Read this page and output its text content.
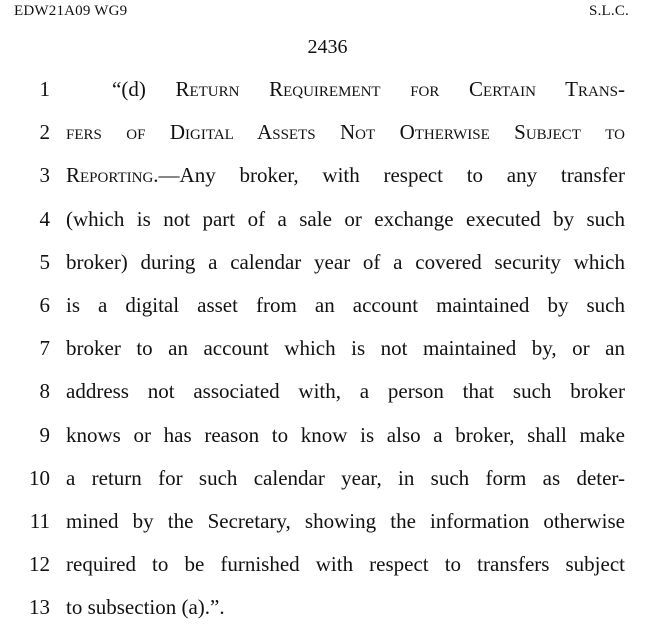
EDW21A09 WG9	S.L.C.
2436
1	“(d) Return Requirement for Certain Trans-
2 fers of Digital Assets Not Otherwise Subject to
3 Reporting.—Any broker, with respect to any transfer
4 (which is not part of a sale or exchange executed by such
5 broker) during a calendar year of a covered security which
6 is a digital asset from an account maintained by such
7 broker to an account which is not maintained by, or an
8 address not associated with, a person that such broker
9 knows or has reason to know is also a broker, shall make
10 a return for such calendar year, in such form as deter-
11 mined by the Secretary, showing the information otherwise
12 required to be furnished with respect to transfers subject
13 to subsection (a).”.
